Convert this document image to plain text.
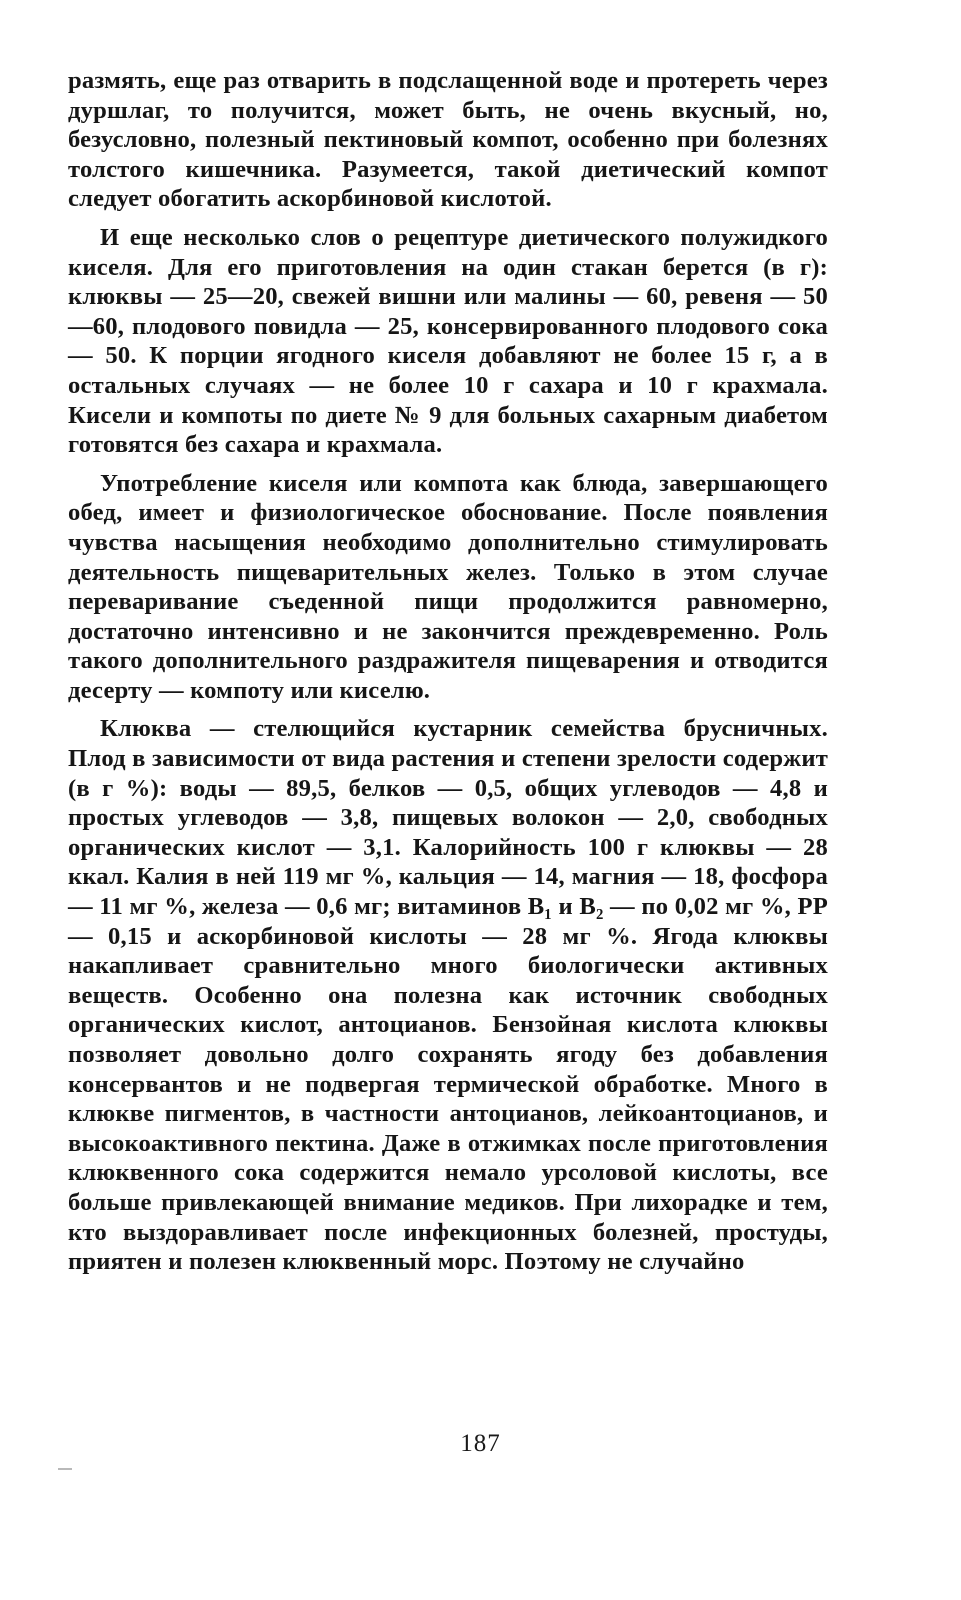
размять, еще раз отварить в подслащенной воде и протереть через дуршлаг, то получится, может быть, не очень вкусный, но, безусловно, полезный пектиновый компот, особенно при болезнях толстого кишечника. Разумеется, такой диетический компот следует обогатить аскорбиновой кислотой.

И еще несколько слов о рецептуре диетического полужидкого киселя. Для его приготовления на один стакан берется (в г): клюквы — 25—20, свежей вишни или малины — 60, ревеня — 50—60, плодового повидла — 25, консервированного плодового сока — 50. К порции ягодного киселя добавляют не более 15 г, а в остальных случаях — не более 10 г сахара и 10 г крахмала. Кисели и компоты по диете № 9 для больных сахарным диабетом готовятся без сахара и крахмала.

Употребление киселя или компота как блюда, завершающего обед, имеет и физиологическое обоснование. После появления чувства насыщения необходимо дополнительно стимулировать деятельность пищеварительных желез. Только в этом случае переваривание съеденной пищи продолжится равномерно, достаточно интенсивно и не закончится преждевременно. Роль такого дополнительного раздражителя пищеварения и отводится десерту — компоту или киселю.

Клюква — стелющийся кустарник семейства брусничных. Плод в зависимости от вида растения и степени зрелости содержит (в г %): воды — 89,5, белков — 0,5, общих углеводов — 4,8 и простых углеводов — 3,8, пищевых волокон — 2,0, свободных органических кислот — 3,1. Калорийность 100 г клюквы — 28 ккал. Калия в ней 119 мг %, кальция — 14, магния — 18, фосфора — 11 мг %, железа — 0,6 мг; витаминов B₁ и B₂ — по 0,02 мг %, PP — 0,15 и аскорбиновой кислоты — 28 мг %. Ягода клюквы накапливает сравнительно много биологически активных веществ. Особенно она полезна как источник свободных органических кислот, антоцианов. Бензойная кислота клюквы позволяет довольно долго сохранять ягоду без добавления консервантов и не подвергая термической обработке. Много в клюкве пигментов, в частности антоцианов, лейкоантоцианов, и высокоактивного пектина. Даже в отжимках после приготовления клюквенного сока содержится немало урсоловой кислоты, все больше привлекающей внимание медиков. При лихорадке и тем, кто выздоравливает после инфекционных болезней, простуды, приятен и полезен клюквенный морс. Поэтому не случайно

187
